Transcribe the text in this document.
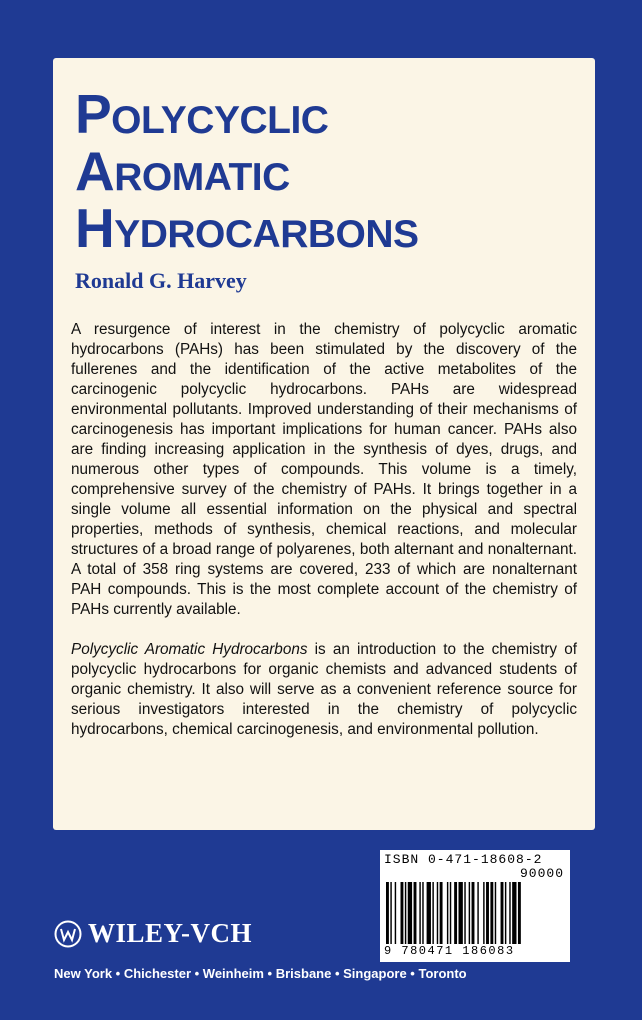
Polycyclic
Aromatic
Hydrocarbons

Ronald G. Harvey

A resurgence of interest in the chemistry of polycyclic aromatic hydrocarbons (PAHs) has been stimulated by the discovery of the fullerenes and the identification of the active metabolites of the carcinogenic polycyclic hydrocarbons. PAHs are widespread environmental pollutants. Improved understanding of their mechanisms of carcinogenesis has important implications for human cancer. PAHs also are finding increasing application in the synthesis of dyes, drugs, and numerous other types of compounds. This volume is a timely, comprehensive survey of the chemistry of PAHs. It brings together in a single volume all essential information on the physical and spectral properties, methods of synthesis, chemical reactions, and molecular structures of a broad range of polyarenes, both alternant and nonalternant. A total of 358 ring systems are covered, 233 of which are nonalternant PAH compounds. This is the most complete account of the chemistry of PAHs currently available.

Polycyclic Aromatic Hydrocarbons is an introduction to the chemistry of polycyclic hydrocarbons for organic chemists and advanced students of organic chemistry. It also will serve as a convenient reference source for serious investigators interested in the chemistry of polycyclic hydrocarbons, chemical carcinogenesis, and environmental pollution.

ISBN 0-471-18608-2
90000
9 780471 186083
WILEY-VCH
New York • Chichester • Weinheim • Brisbane • Singapore • Toronto
